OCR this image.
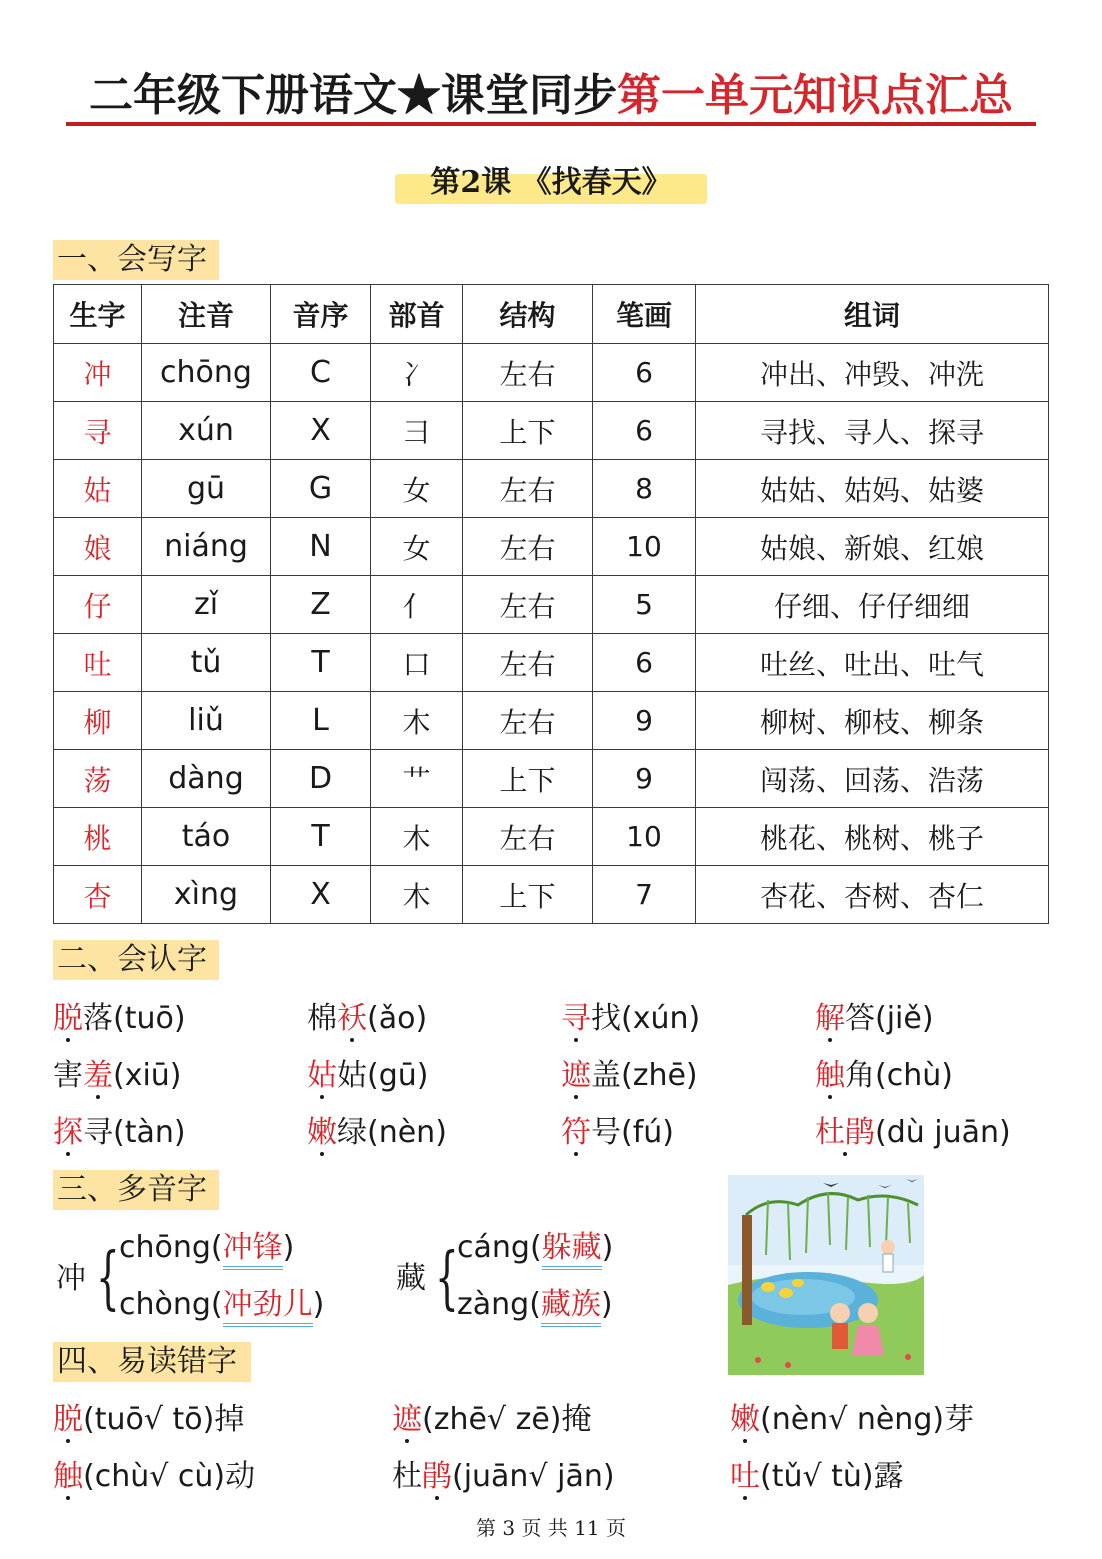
二年级下册语文★课堂同步第一单元知识点汇总
第2课 《找春天》
一、会写字
生字	注音	音序	部首	结构	笔画	组词
冲	chōng	C	冫	左右	6	冲出、冲毁、冲洗
寻	xún	X	彐	上下	6	寻找、寻人、探寻
姑	gū	G	女	左右	8	姑姑、姑妈、姑婆
娘	niáng	N	女	左右	10	姑娘、新娘、红娘
仔	zǐ	Z	亻	左右	5	仔细、仔仔细细
吐	tǔ	T	口	左右	6	吐丝、吐出、吐气
柳	liǔ	L	木	左右	9	柳树、柳枝、柳条
荡	dàng	D	艹	上下	9	闯荡、回荡、浩荡
桃	táo	T	木	左右	10	桃花、桃树、桃子
杏	xìng	X	木	上下	7	杏花、杏树、杏仁
二、会认字
脱落(tuō)	棉袄(ǎo)	寻找(xún)	解答(jiě)
害羞(xiū)	姑姑(gū)	遮盖(zhē)	触角(chù)
探寻(tàn)	嫩绿(nèn)	符号(fú)	杜鹃(dù juān)
三、多音字
冲 { chōng(冲锋)
chòng(冲劲儿)
藏 {
cáng(躲藏)
zàng(藏族)
四、易读错字
脱(tuō√ tō)掉	遮(zhē√ zē)掩	嫩(nèn√ nèng)芽
触(chù√ cù)动	杜鹃(juān√ jān)	吐(tǔ√ tù)露
第 3 页 共 11 页
